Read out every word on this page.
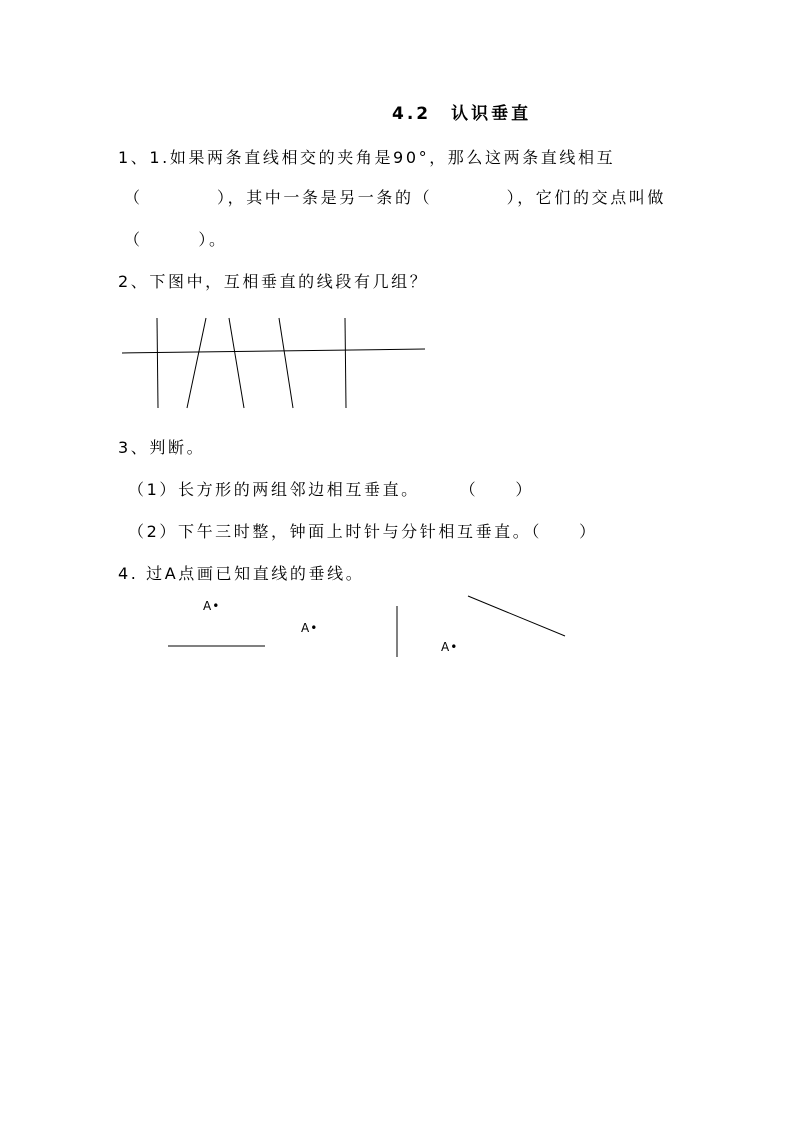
4.2　认识垂直
1、1.如果两条直线相交的夹角是90°，那么这两条直线相互
（　　　　），其中一条是另一条的（　　　　），它们的交点叫做
（　　　）。
2、下图中，互相垂直的线段有几组？
3、判断。
（1）长方形的两组邻边相互垂直。　　　（　　）
（2）下午三时整，钟面上时针与分针相互垂直。（　　）
4. 过A点画已知直线的垂线。
A•
A•
A•
